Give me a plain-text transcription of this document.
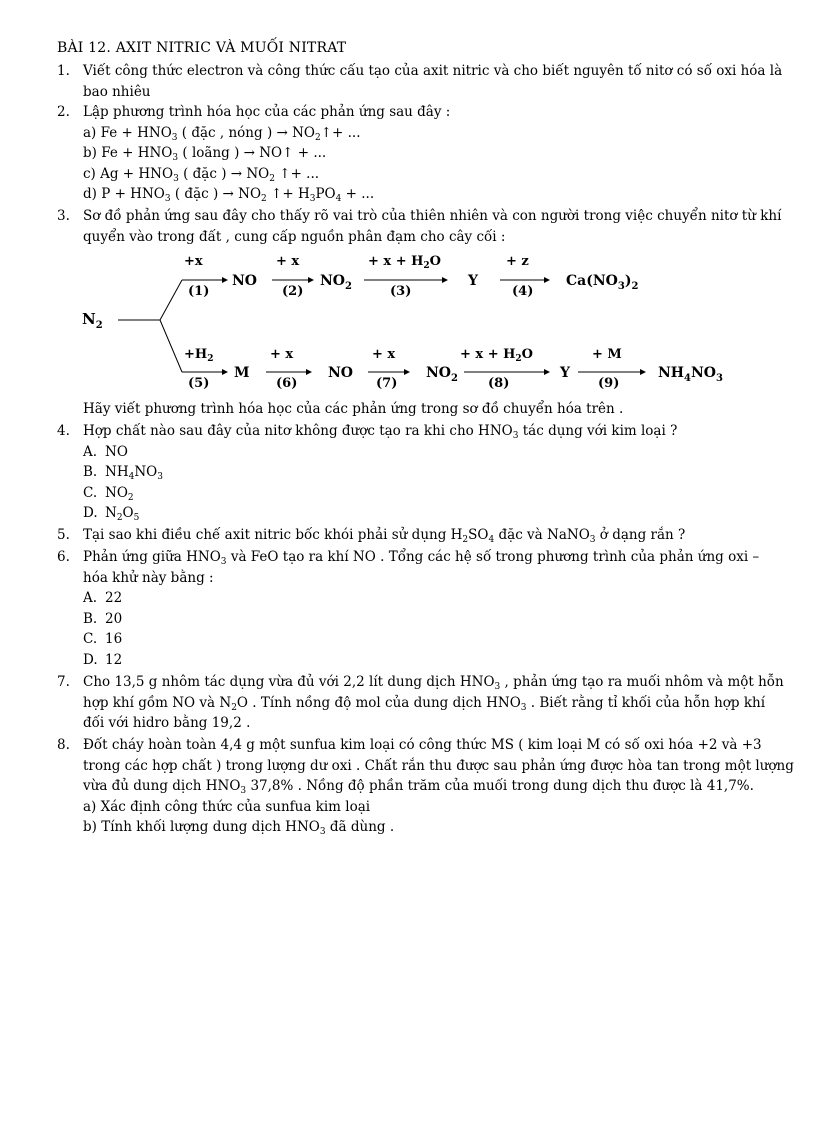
BÀI 12. AXIT NITRIC VÀ MUỐI NITRAT
1. Viết công thức electron và công thức cấu tạo của axit nitric và cho biết nguyên tố nitơ có số oxi hóa là
bao nhiêu
2. Lập phương trình hóa học của các phản ứng sau đây :
a) $Fe + HNO_3$ ( đặc , nóng ) → $NO_2↑+$ ...
b) $Fe + HNO_3$ ( loãng ) → NO↑ + ...
c) $Ag + HNO_3$ ( đặc ) → $NO_2$ ↑+ ...
d) $P + HNO_3$ ( đặc ) → $NO_2$ ↑+ $H_3PO_4$ + ...
3. Sơ đồ phản ứng sau đây cho thấy rõ vai trò của thiên nhiên và con người trong việc chuyển nitơ từ khí
quyển vào trong đất , cung cấp nguồn phân đạm cho cây cối :
$N_2$
+x
(1)
NO
+ x
(2)
$NO_2$
+ $x + H_2O$
(3)
Y
+ z
(4)
$Ca(NO_3)_2$
$+H_2$
(5)
M
+ x
(6)
NO
+ x
(7)
$NO_2$
+ $x + H_2O$
(8)
Y
+ M
(9)
$NH_4NO_3$
Hãy viết phương trình hóa học của các phản ứng trong sơ đồ chuyển hóa trên .
4. Hợp chất nào sau đây của nitơ không được tạo ra khi cho $HNO_3$ tác dụng với kim loại ?
A. NO
B. $NH_4NO_3$
C. $NO_2$
D. $N_2O_5$
5. Tại sao khi điều chế axit nitric bốc khói phải sử dụng $H_2SO_4$ đặc và NaNO$_3$ ở dạng rắn ?
6. Phản ứng giữa $HNO_3$ và FeO tạo ra khí NO . Tổng các hệ số trong phương trình của phản ứng oxi –
hóa khử này bằng :
A. 22
B. 20
C. 16
D. 12
7. Cho 13,5 g nhôm tác dụng vừa đủ với 2,2 lít dung dịch $HNO_3$ , phản ứng tạo ra muối nhôm và một hỗn
hợp khí gồm NO và $N_2O$ . Tính nồng độ mol của dung dịch $HNO_3$ . Biết rằng tỉ khối của hỗn hợp khí
đối với hidro bằng 19,2 .
8. Đốt cháy hoàn toàn 4,4 g một sunfua kim loại có công thức MS ( kim loại M có số oxi hóa +2 và +3
trong các hợp chất ) trong lượng dư oxi . Chất rắn thu được sau phản ứng được hòa tan trong một lượng
vừa đủ dung dịch $HNO_3$ 37,8% . Nồng độ phần trăm của muối trong dung dịch thu được là 41,7%.
a) Xác định công thức của sunfua kim loại
b) Tính khối lượng dung dịch $HNO_3$ đã dùng .
